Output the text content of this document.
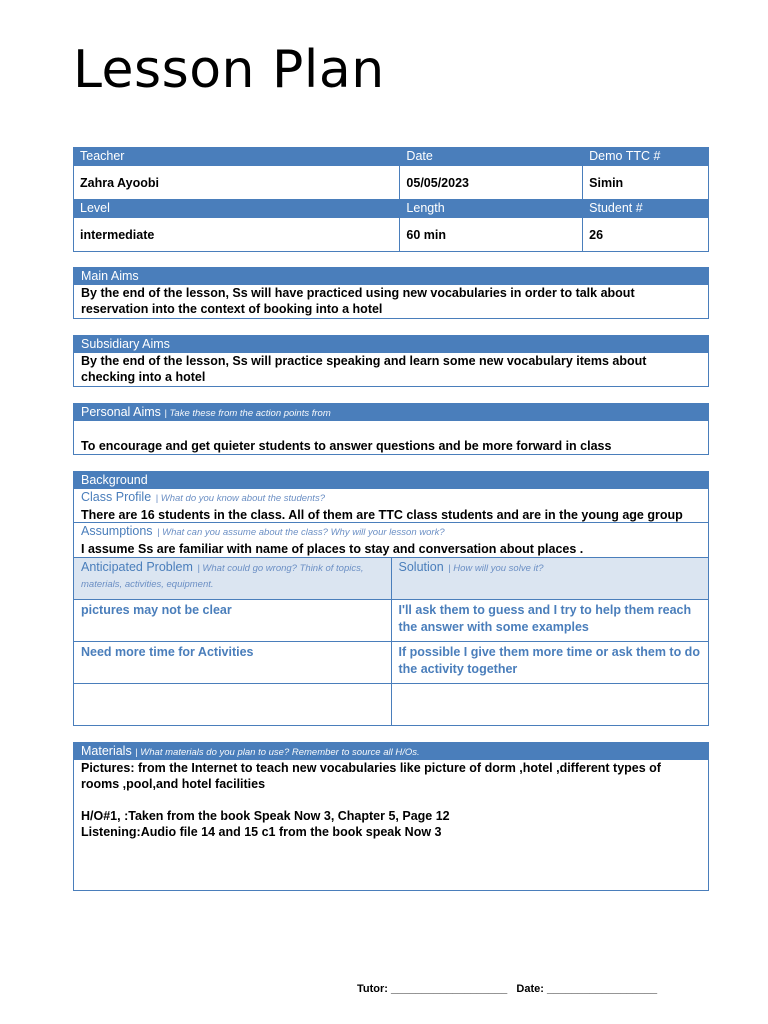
Lesson Plan
Teacher	Date	Demo TTC #
Zahra Ayoobi	05/05/2023	Simin
Level	Length	Student #
intermediate	60 min	26
Main Aims
By the end of the lesson, Ss will have practiced using new vocabularies in order to talk about reservation into the context of booking into a hotel
Subsidiary Aims
By the end of the lesson, Ss will practice speaking and learn some new vocabulary items about checking into a hotel
Personal Aims | Take these from the action points from
To encourage and get quieter students to answer questions and be more forward in class
Background
Class Profile | What do you know about the students?
There are 16 students in the class. All of them are TTC class students and are in the young age group
Assumptions | What can you assume about the class? Why will your lesson work?
I assume Ss are familiar with name of places to stay and conversation about places .
Anticipated Problem | What could go wrong? Think of topics, materials, activities, equipment.	Solution | How will you solve it?

pictures may not be clear	I'll ask them to guess and I try to help them reach the answer with some examples
Need more time for Activities	If possible I give them more time or ask them to do the activity together

Materials | What materials do you plan to use? Remember to source all H/Os.
Pictures: from the Internet to teach new vocabularies like picture of dorm ,hotel ,different types of rooms ,pool,and hotel facilities
H/O#1, :Taken from the book Speak Now 3, Chapter 5, Page 12
Listening:Audio file 14 and 15 c1 from the book speak Now 3
Tutor: ___________________ Date: __________________
